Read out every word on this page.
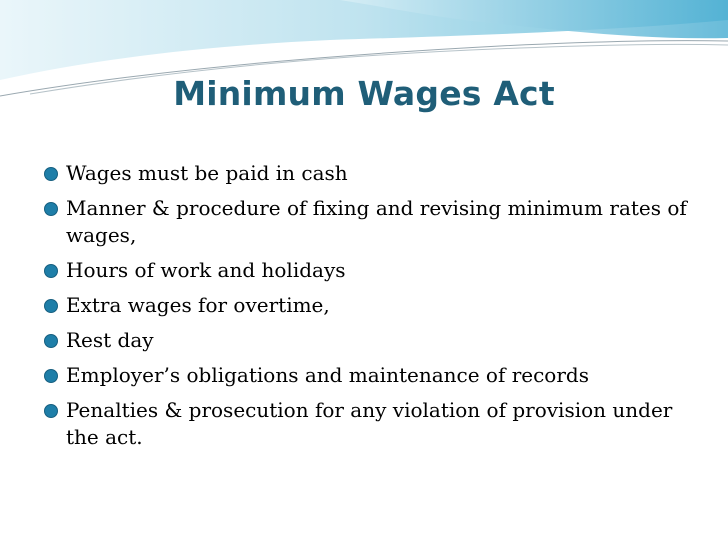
Minimum Wages Act
Wages must be paid in cash
Manner & procedure of fixing and revising minimum rates of wages,
Hours of work and holidays
Extra wages for overtime,
Rest day
Employer’s obligations and maintenance of records
Penalties & prosecution for any violation of provision under the act.
